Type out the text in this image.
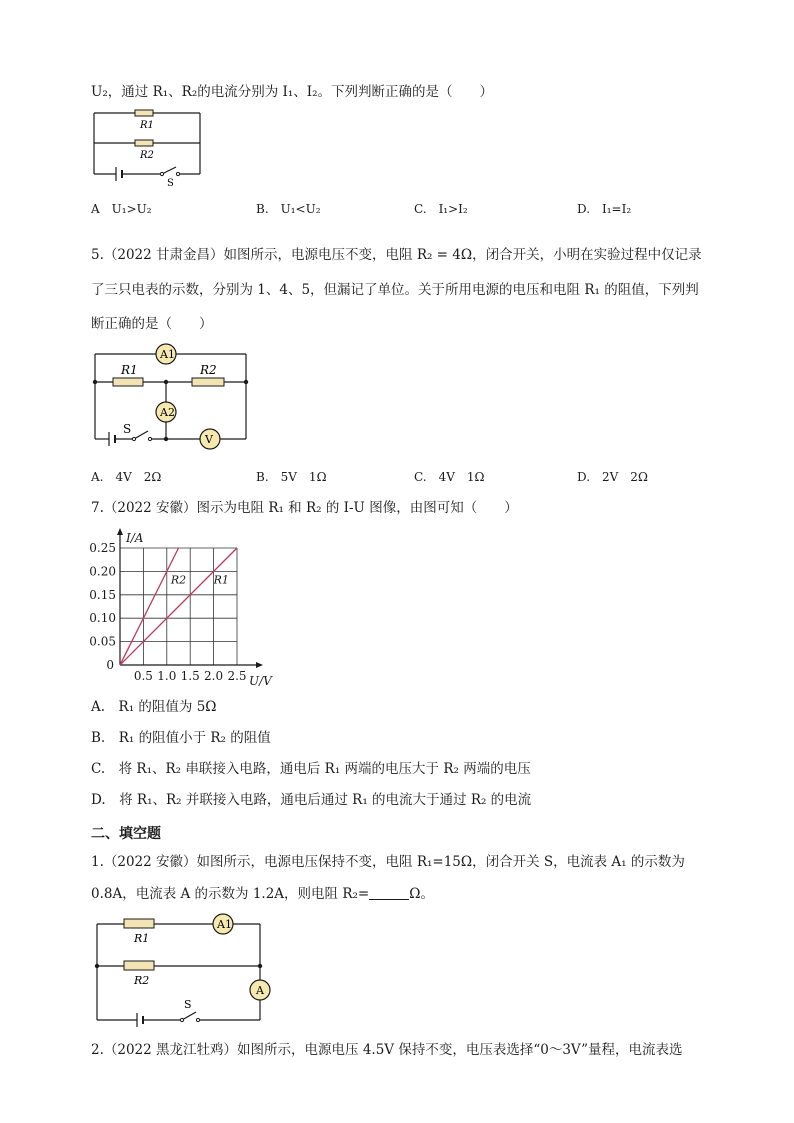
U₂，通过 R₁、R₂的电流分别为 I₁、I₂。下列判断正确的是（　　）
R1
R2
S
A　U₁>U₂	B.　U₁<U₂	C.　I₁>I₂	D.　I₁=I₂
5.（2022 甘肃金昌）如图所示，电源电压不变，电阻 R₂ = 4Ω，闭合开关，小明在实验过程中仅记录
了三只电表的示数，分别为 1、4、5，但漏记了单位。关于所用电源的电压和电阻 R₁ 的阻值，下列判
断正确的是（　　）
A1
A2
V
R1	R2
S
A.　4V　2Ω	B.　5V　1Ω	C.　4V　1Ω	D.　2V　2Ω
7.（2022 安徽）图示为电阻 R₁ 和 R₂ 的 I-U 图像，由图可知（　　）
0.5 1.0 1.5 2.0 2.5
0.05
0.10
0.15
0.20
0.25
0
U/V
I/A
R2	R1
A.　R₁ 的阻值为 5Ω
B.　R₁ 的阻值小于 R₂ 的阻值
C.　将 R₁、R₂ 串联接入电路，通电后 R₁ 两端的电压大于 R₂ 两端的电压
D.　将 R₁、R₂ 并联接入电路，通电后通过 R₁ 的电流大于通过 R₂ 的电流
二、填空题
1.（2022 安徽）如图所示，电源电压保持不变，电阻 R₁=15Ω，闭合开关 S，电流表 A₁ 的示数为
0.8A，电流表 A 的示数为 1.2A，则电阻 R₂=	Ω。
A1
A
R1
R2
S
2.（2022 黑龙江牡鸡）如图所示，电源电压 4.5V 保持不变，电压表选择“0～3V”量程，电流表选
